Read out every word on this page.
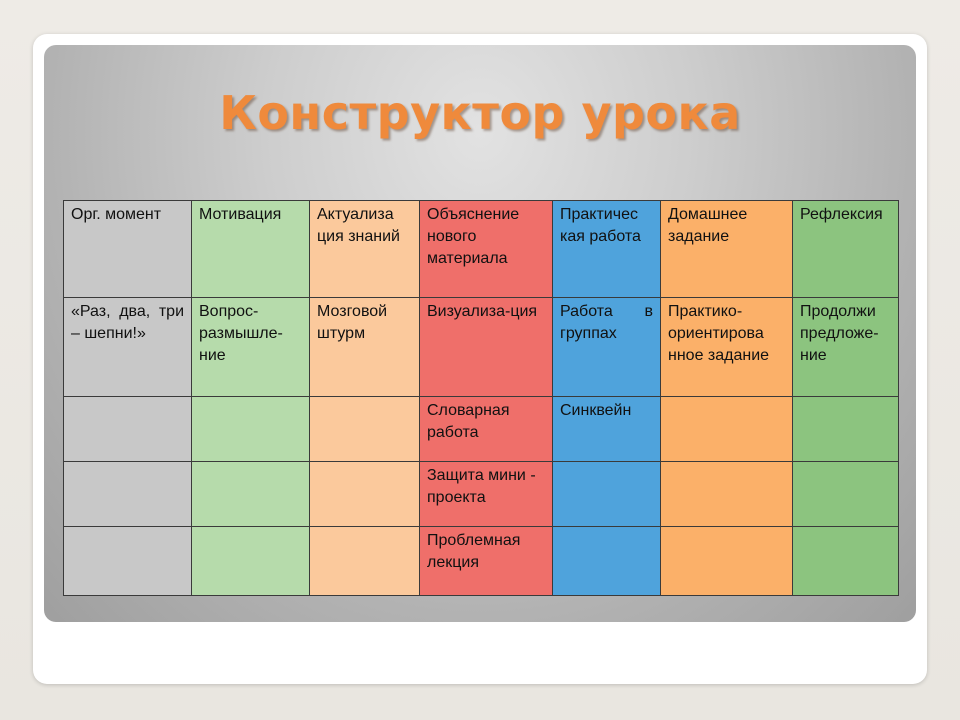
Конструктор урока
Орг. момент	Мотивация	Актуализа ция знаний	Объяснение нового материала	Практичес кая работа	Домашнее задание	Рефлексия
«Раз, два, три – шепни!»	Вопрос-размышле-ние	Мозговой штурм	Визуализа-ция	Работа в группах	Практико-ориентирова нное задание	Продолжи предложе-ние
			Словарная работа	Синквейн		
			Защита мини - проекта			
			Проблемная лекция			
